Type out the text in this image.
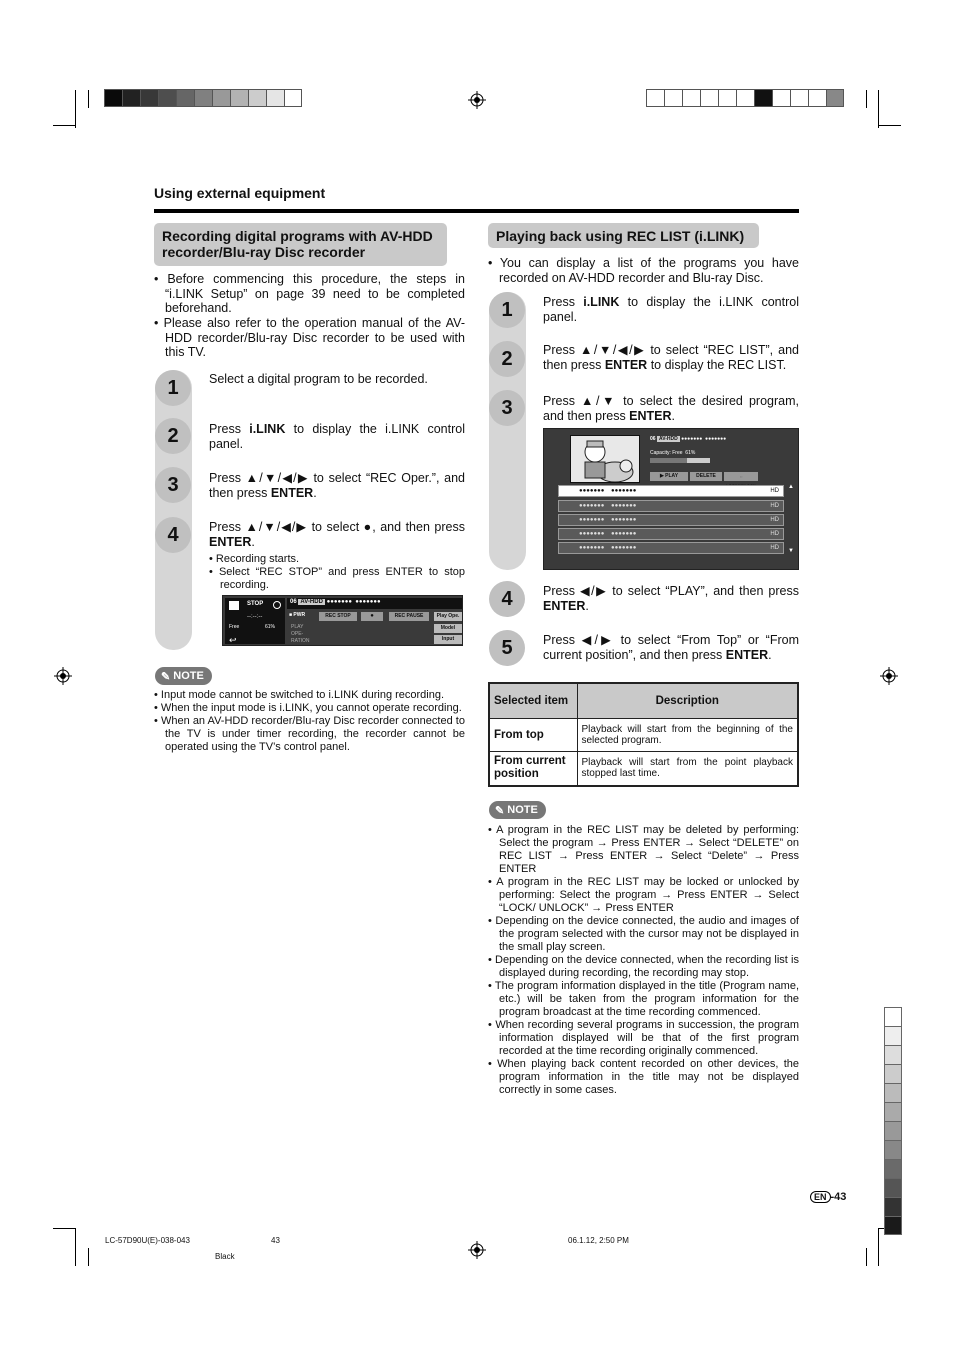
Using external equipment
Recording digital programs with AV-HDD recorder/Blu-ray Disc recorder
• Before commencing this procedure, the steps in “i.LINK Setup” on page 39 need to be completed beforehand.
• Please also refer to the operation manual of the AV-HDD recorder/Blu-ray Disc recorder to be used with this TV.
1	Select a digital program to be recorded.
2	Press i.LINK to display the i.LINK control panel.
3	Press ▲/▼/◀/▶ to select “REC Oper.”, and then press ENTER.
4	Press ▲/▼/◀/▶ to select ●, and then press ENTER.
• Recording starts.
• Select “REC STOP” and press ENTER to stop recording.
STOP
--:--:--
Free	61%
↩
06 AV-HDD ●●●●●●●  ●●●●●●●
■ PWR	REC STOP	●	REC PAUSE
PLAY OPE-RATION
Play Ope.
Model
Input
✎
NOTE
• Input mode cannot be switched to i.LINK during recording.
• When the input mode is i.LINK, you cannot operate recording.
• When an AV-HDD recorder/Blu-ray Disc recorder connected to the TV is under timer recording, the recorder cannot be operated using the TV’s control panel.
Playing back using REC LIST (i.LINK)
• You can display a list of the programs you have recorded on AV-HDD recorder and Blu-ray Disc.
1	Press i.LINK to display the i.LINK control panel.
2	Press ▲/▼/◀/▶ to select “REC LIST”, and then press ENTER to display the REC LIST.
3	Press ▲/▼ to select the desired program, and then press ENTER.
06 AV-HDD ●●●●●●●  ●●●●●●●
Capacity: Free 61%
▶ PLAY	DELETE	⇔
●●●●●●● ●●●●●●●	HD
●●●●●●● ●●●●●●●	HD
●●●●●●● ●●●●●●●	HD
●●●●●●● ●●●●●●●	HD
●●●●●●● ●●●●●●●	HD
▲
▼
4	Press ◀/▶ to select “PLAY”, and then press ENTER.
5	Press ◀/▶ to select “From Top” or “From current position”, and then press ENTER.
Selected item	Description
From top	Playback will start from the beginning of the selected program.
From current position	Playback will start from the point playback stopped last time.
✎
NOTE
• A program in the REC LIST may be deleted by performing: Select the program → Press ENTER → Select “DELETE” on REC LIST → Press ENTER → Select “Delete” → Press ENTER
• A program in the REC LIST may be locked or unlocked by performing: Select the program → Press ENTER → Select “LOCK/ UNLOCK” → Press ENTER
• Depending on the device connected, the audio and images of the program selected with the cursor may not be displayed in the small play screen.
• Depending on the device connected, when the recording list is displayed during recording, the recording may stop.
• The program information displayed in the title (Program name, etc.) will be taken from the program information for the program broadcast at the time recording commenced.
• When recording several programs in succession, the program information displayed will be that of the first program recorded at the time recording originally commenced.
• When playing back content recorded on other devices, the program information in the title may not be displayed correctly in some cases.
EN -43
LC-57D90U(E)-038-043	43	06.1.12, 2:50 PM
Black
